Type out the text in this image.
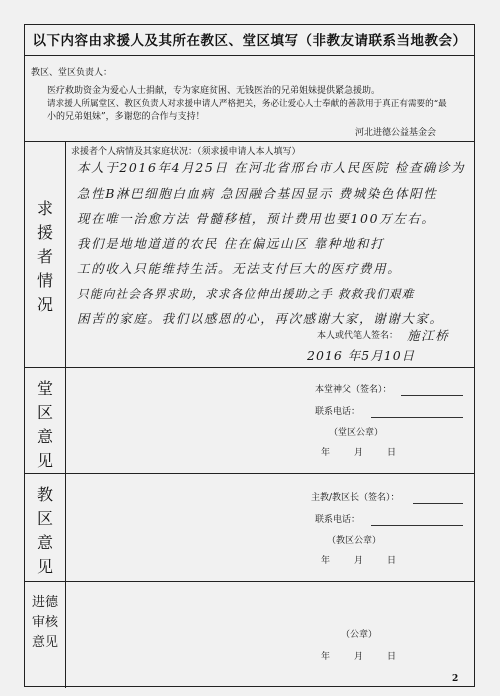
以下内容由求援人及其所在教区、堂区填写（非教友请联系当地教会）
教区、堂区负责人：
医疗救助资金为爱心人士捐献，专为家庭贫困、无钱医治的兄弟姐妹提供紧急援助。
请求援人所属堂区、教区负责人对求援申请人严格把关，务必让爱心人士奉献的善款用于真正有需要的“最
小的兄弟姐妹”，多谢您的合作与支持！
河北进德公益基金会
求
援
者
情
况
求援者个人病情及其家庭状况：（须求援申请人本人填写）
本人于2016年4月25日 在河北省邢台市人民医院 检查确诊为
急性B淋巴细胞白血病 急因融合基因显示 费城染色体阳性
现在唯一治愈方法 骨髓移植，预计费用也要100万左右。
我们是地地道道的农民 住在偏远山区 靠种地和打
工的收入只能维持生活。无法支付巨大的医疗费用。
只能向社会各界求助，求求各位伸出援助之手 救救我们艰难
困苦的家庭。我们以感恩的心，再次感谢大家，谢谢大家。
本人或代笔人签名： 施江桥
2016 年5月10日
堂
区
意
见
本堂神父（签名）：
联系电话：
（堂区公章）
年　　月　　日
教
区
意
见
主教/教区长（签名）：
联系电话：
（教区公章）
年　　月　　日
进德
审核
意见	（公章）
年　　月　　日
2
